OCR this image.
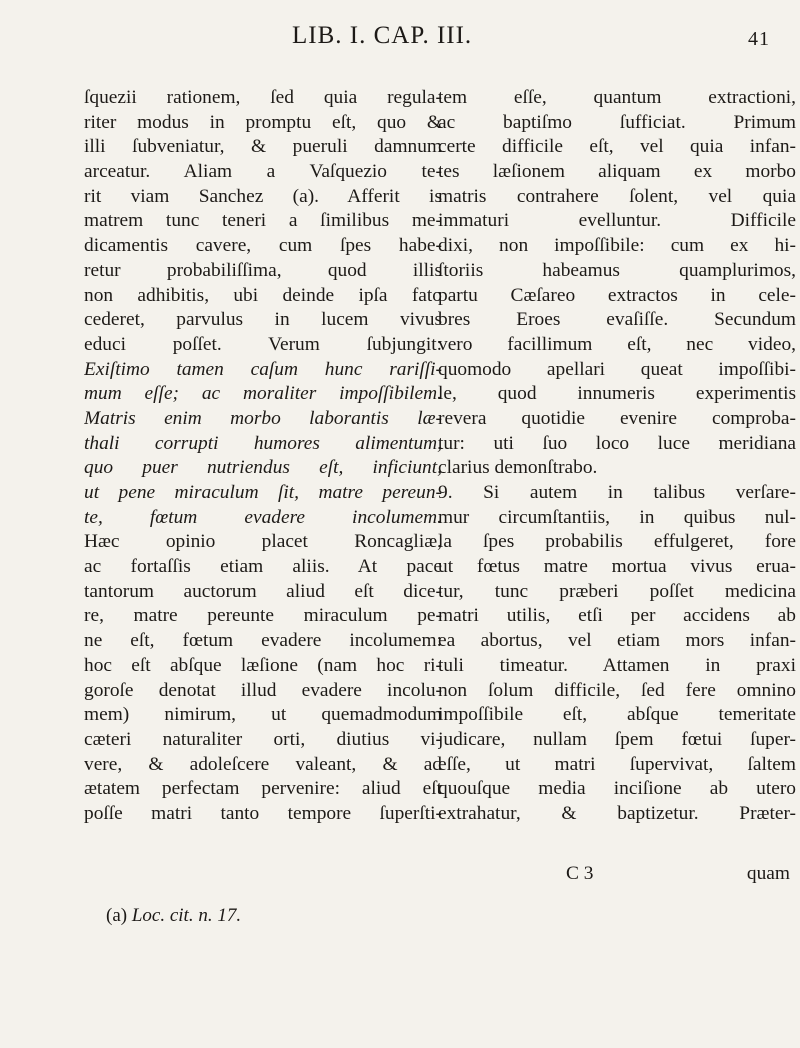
LIB. I. CAP. III.	41
ſquezii rationem, ſed quia regula-
riter modus in promptu eſt, quo &
illi ſubveniatur, & pueruli damnum
arceatur. Aliam a Vaſquezio te-
rit viam Sanchez (a). Afferit is
matrem tunc teneri a ſimilibus me-
dicamentis cavere, cum ſpes habe-
retur probabiliſſima, quod illis
non adhibitis, ubi deinde ipſa fato
cederet, parvulus in lucem vivus
educi poſſet. Verum ſubjungit:
Exiſtimo tamen caſum hunc rariſſi-
mum eſſe; ac moraliter impoſſibilem.
Matris enim morbo laborantis læ-
thali corrupti humores alimentum,
quo puer nutriendus eſt, inficiunt,
ut pene miraculum ſit, matre pereun-
te, fœtum evadere incolumem.
Hæc opinio placet Roncagliæ,
ac fortaſſis etiam aliis. At pace
tantorum auctorum aliud eſt dice-
re, matre pereunte miraculum pe-
ne eſt, fœtum evadere incolumem:
hoc eſt abſque læſione (nam hoc ri-
goroſe denotat illud evadere incolu-
mem) nimirum, ut quemadmodum
cæteri naturaliter orti, diutius vi-
vere, & adoleſcere valeant, & ad
ætatem perfectam pervenire: aliud eſt
poſſe matri tanto tempore ſuperſti-
tem eſſe, quantum extractioni,
ac baptiſmo ſufficiat. Primum
certe difficile eſt, vel quia infan-
tes læſionem aliquam ex morbo
matris contrahere ſolent, vel quia
immaturi evelluntur. Difficile
dixi, non impoſſibile: cum ex hi-
ſtoriis habeamus quamplurimos,
partu Cæſareo extractos in cele-
bres Eroes evaſiſſe. Secundum
vero facillimum eſt, nec video,
quomodo apellari queat impoſſibi-
le, quod innumeris experimentis
revera quotidie evenire comproba-
tur: uti ſuo loco luce meridiana
clarius demonſtrabo.
9. Si autem in talibus verſare-
mur circumſtantiis, in quibus nul-
la ſpes probabilis effulgeret, fore
ut fœtus matre mortua vivus erua-
tur, tunc præberi poſſet medicina
matri utilis, etſi per accidens ab
ea abortus, vel etiam mors infan-
tuli timeatur. Attamen in praxi
non ſolum difficile, ſed fere omnino
impoſſibile eſt, abſque temeritate
judicare, nullam ſpem fœtui ſuper-
eſſe, ut matri ſupervivat, ſaltem
quouſque media inciſione ab utero
extrahatur, & baptizetur. Præter-
C 3	quam
(a) Loc. cit. n. 17.
